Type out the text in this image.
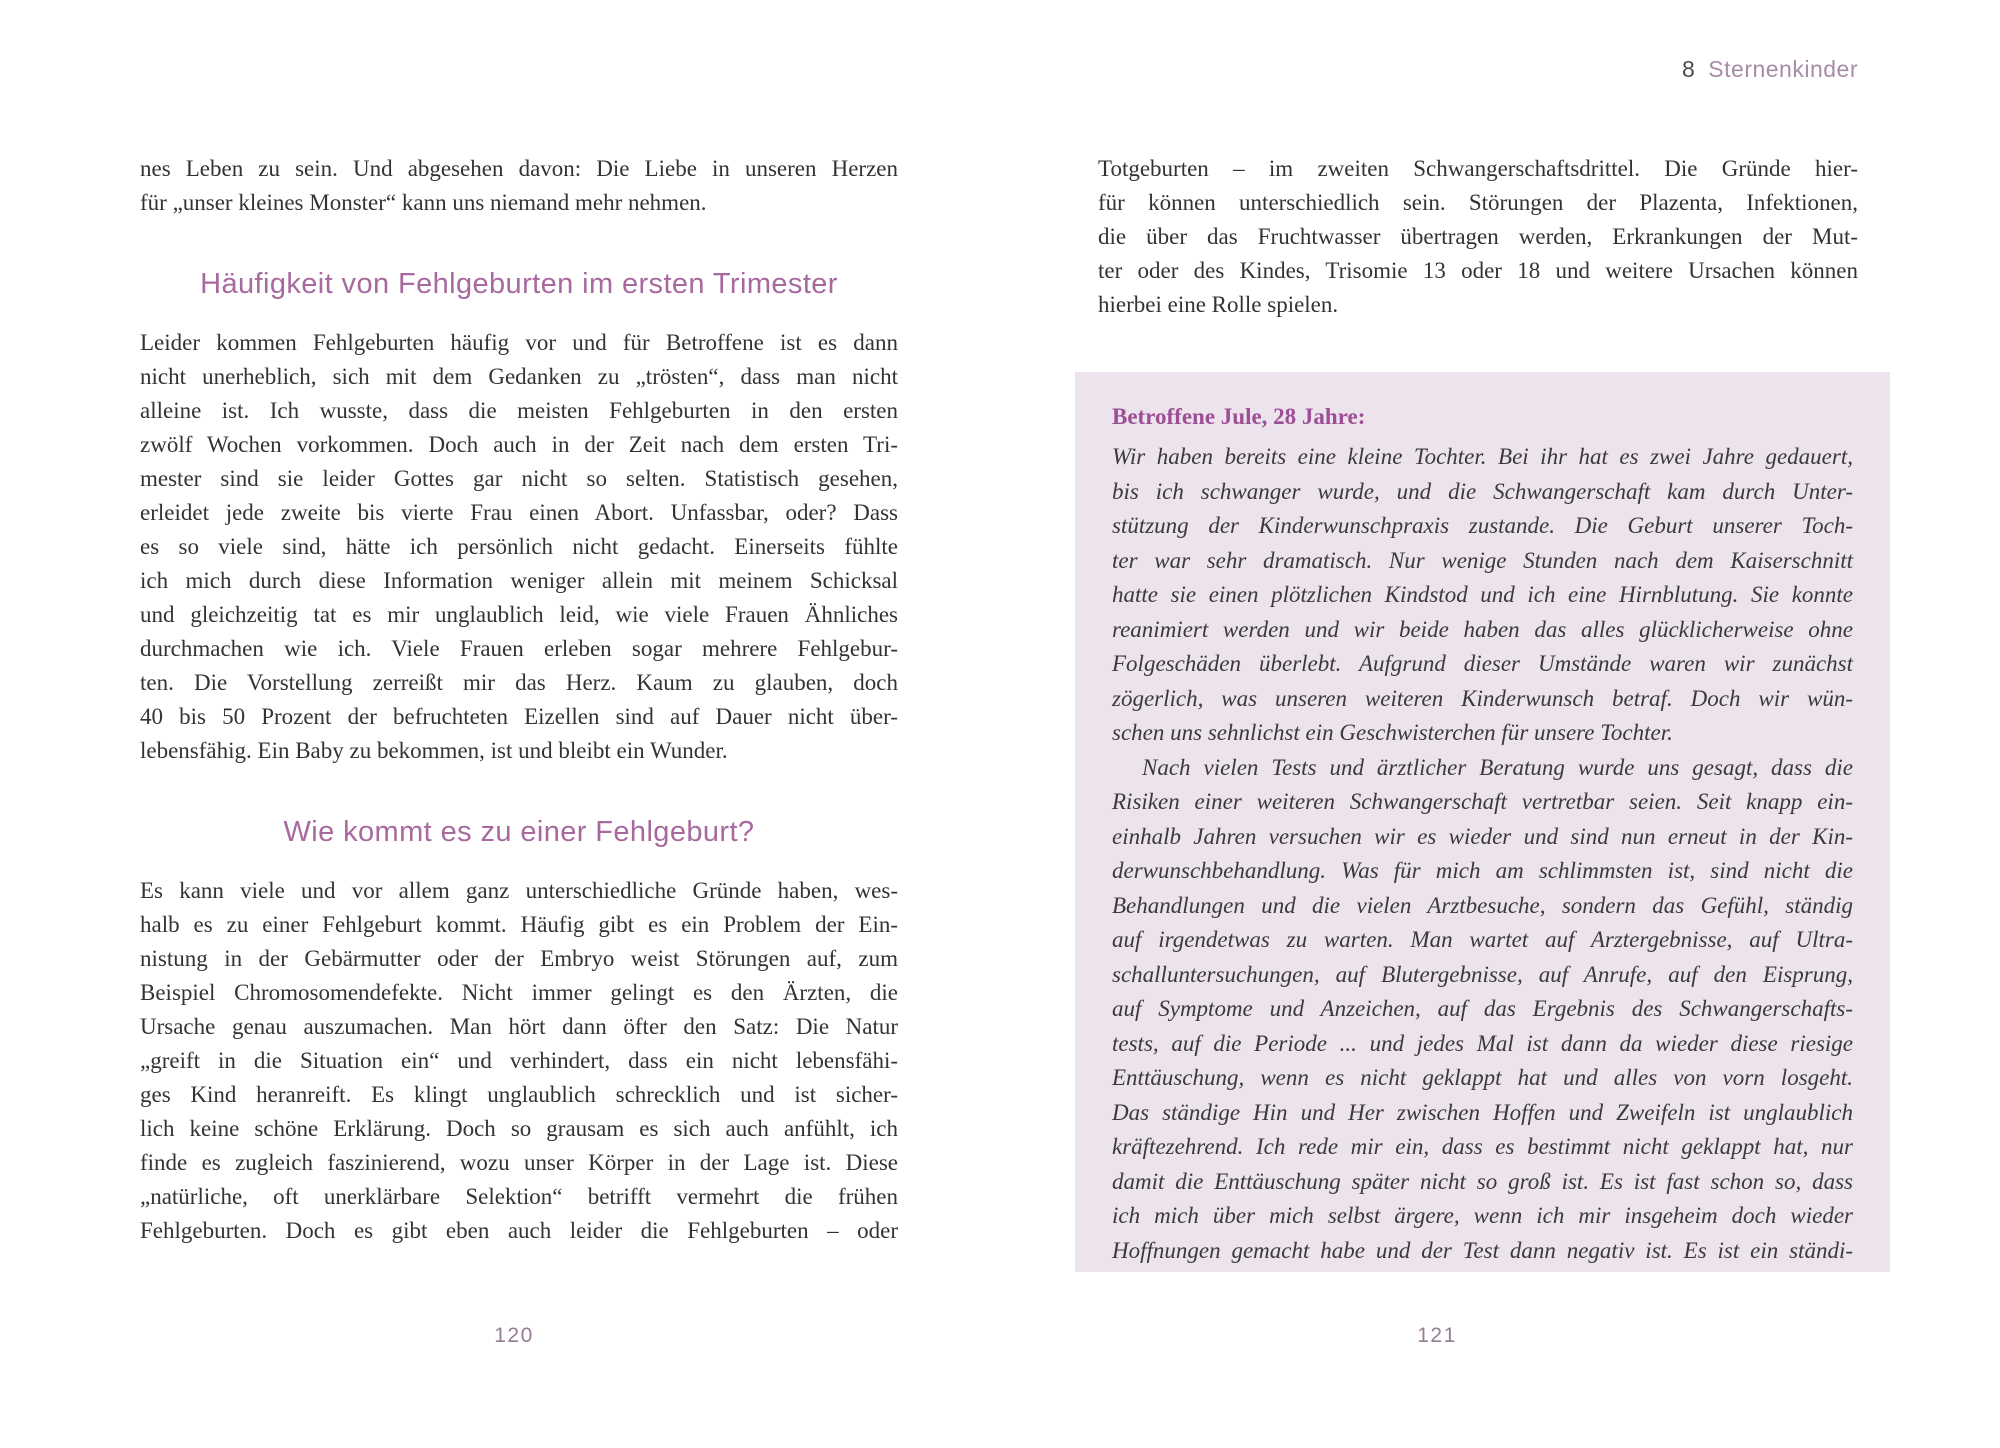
8 Sternenkinder
nes Leben zu sein. Und abgesehen davon: Die Liebe in unseren Herzen
für „unser kleines Monster“ kann uns niemand mehr nehmen.
Häufigkeit von Fehlgeburten im ersten Trimester
Leider kommen Fehlgeburten häufig vor und für Betroffene ist es dann
nicht unerheblich, sich mit dem Gedanken zu „trösten“, dass man nicht
alleine ist. Ich wusste, dass die meisten Fehlgeburten in den ersten
zwölf Wochen vorkommen. Doch auch in der Zeit nach dem ersten Tri-
mester sind sie leider Gottes gar nicht so selten. Statistisch gesehen,
erleidet jede zweite bis vierte Frau einen Abort. Unfassbar, oder? Dass
es so viele sind, hätte ich persönlich nicht gedacht. Einerseits fühlte
ich mich durch diese Information weniger allein mit meinem Schicksal
und gleichzeitig tat es mir unglaublich leid, wie viele Frauen Ähnliches
durchmachen wie ich. Viele Frauen erleben sogar mehrere Fehlgebur-
ten. Die Vorstellung zerreißt mir das Herz. Kaum zu glauben, doch
40 bis 50 Prozent der befruchteten Eizellen sind auf Dauer nicht über-
lebensfähig. Ein Baby zu bekommen, ist und bleibt ein Wunder.
Wie kommt es zu einer Fehlgeburt?
Es kann viele und vor allem ganz unterschiedliche Gründe haben, wes-
halb es zu einer Fehlgeburt kommt. Häufig gibt es ein Problem der Ein-
nistung in der Gebärmutter oder der Embryo weist Störungen auf, zum
Beispiel Chromosomendefekte. Nicht immer gelingt es den Ärzten, die
Ursache genau auszumachen. Man hört dann öfter den Satz: Die Natur
„greift in die Situation ein“ und verhindert, dass ein nicht lebensfähi-
ges Kind heranreift. Es klingt unglaublich schrecklich und ist sicher-
lich keine schöne Erklärung. Doch so grausam es sich auch anfühlt, ich
finde es zugleich faszinierend, wozu unser Körper in der Lage ist. Diese
„natürliche, oft unerklärbare Selektion“ betrifft vermehrt die frühen
Fehlgeburten. Doch es gibt eben auch leider die Fehlgeburten – oder
Totgeburten – im zweiten Schwangerschaftsdrittel. Die Gründe hier-
für können unterschiedlich sein. Störungen der Plazenta, Infektionen,
die über das Fruchtwasser übertragen werden, Erkrankungen der Mut-
ter oder des Kindes, Trisomie 13 oder 18 und weitere Ursachen können
hierbei eine Rolle spielen.
Betroffene Jule, 28 Jahre:
Wir haben bereits eine kleine Tochter. Bei ihr hat es zwei Jahre gedauert,
bis ich schwanger wurde, und die Schwangerschaft kam durch Unter-
stützung der Kinderwunschpraxis zustande. Die Geburt unserer Toch-
ter war sehr dramatisch. Nur wenige Stunden nach dem Kaiserschnitt
hatte sie einen plötzlichen Kindstod und ich eine Hirnblutung. Sie konnte
reanimiert werden und wir beide haben das alles glücklicherweise ohne
Folgeschäden überlebt. Aufgrund dieser Umstände waren wir zunächst
zögerlich, was unseren weiteren Kinderwunsch betraf. Doch wir wün-
schen uns sehnlichst ein Geschwisterchen für unsere Tochter.
Nach vielen Tests und ärztlicher Beratung wurde uns gesagt, dass die
Risiken einer weiteren Schwangerschaft vertretbar seien. Seit knapp ein-
einhalb Jahren versuchen wir es wieder und sind nun erneut in der Kin-
derwunschbehandlung. Was für mich am schlimmsten ist, sind nicht die
Behandlungen und die vielen Arztbesuche, sondern das Gefühl, ständig
auf irgendetwas zu warten. Man wartet auf Arztergebnisse, auf Ultra-
schalluntersuchungen, auf Blutergebnisse, auf Anrufe, auf den Eisprung,
auf Symptome und Anzeichen, auf das Ergebnis des Schwangerschafts-
tests, auf die Periode ... und jedes Mal ist dann da wieder diese riesige
Enttäuschung, wenn es nicht geklappt hat und alles von vorn losgeht.
Das ständige Hin und Her zwischen Hoffen und Zweifeln ist unglaublich
kräftezehrend. Ich rede mir ein, dass es bestimmt nicht geklappt hat, nur
damit die Enttäuschung später nicht so groß ist. Es ist fast schon so, dass
ich mich über mich selbst ärgere, wenn ich mir insgeheim doch wieder
Hoffnungen gemacht habe und der Test dann negativ ist. Es ist ein ständi-
120	121
